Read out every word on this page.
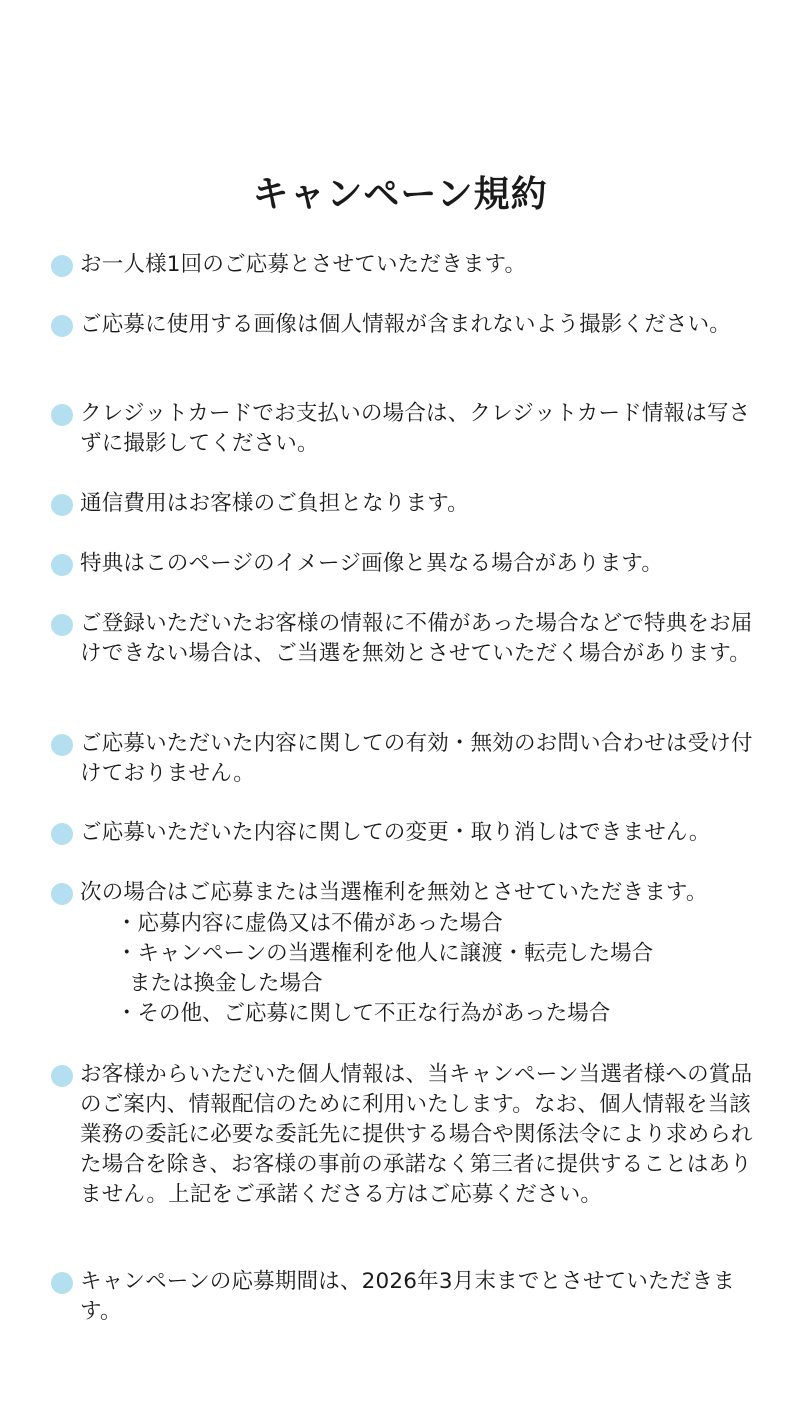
キャンペーン規約
お一人様1回のご応募とさせていただきます。
ご応募に使用する画像は個人情報が含まれないよう撮影ください。
クレジットカードでお支払いの場合は、クレジットカード情報は写さずに撮影してください。
通信費用はお客様のご負担となります。
特典はこのページのイメージ画像と異なる場合があります。
ご登録いただいたお客様の情報に不備があった場合などで特典をお届けできない場合は、ご当選を無効とさせていただく場合があります。
ご応募いただいた内容に関しての有効・無効のお問い合わせは受け付けておりません。
ご応募いただいた内容に関しての変更・取り消しはできません。
次の場合はご応募または当選権利を無効とさせていただきます。
・応募内容に虚偽又は不備があった場合
・キャンペーンの当選権利を他人に譲渡・転売した場合
または換金した場合
・その他、ご応募に関して不正な行為があった場合
お客様からいただいた個人情報は、当キャンペーン当選者様への賞品のご案内、情報配信のために利用いたします。なお、個人情報を当該業務の委託に必要な委託先に提供する場合や関係法令により求められた場合を除き、お客様の事前の承諾なく第三者に提供することはありません。上記をご承諾くださる方はご応募ください。
キャンペーンの応募期間は、2026年3月末までとさせていただきます。
